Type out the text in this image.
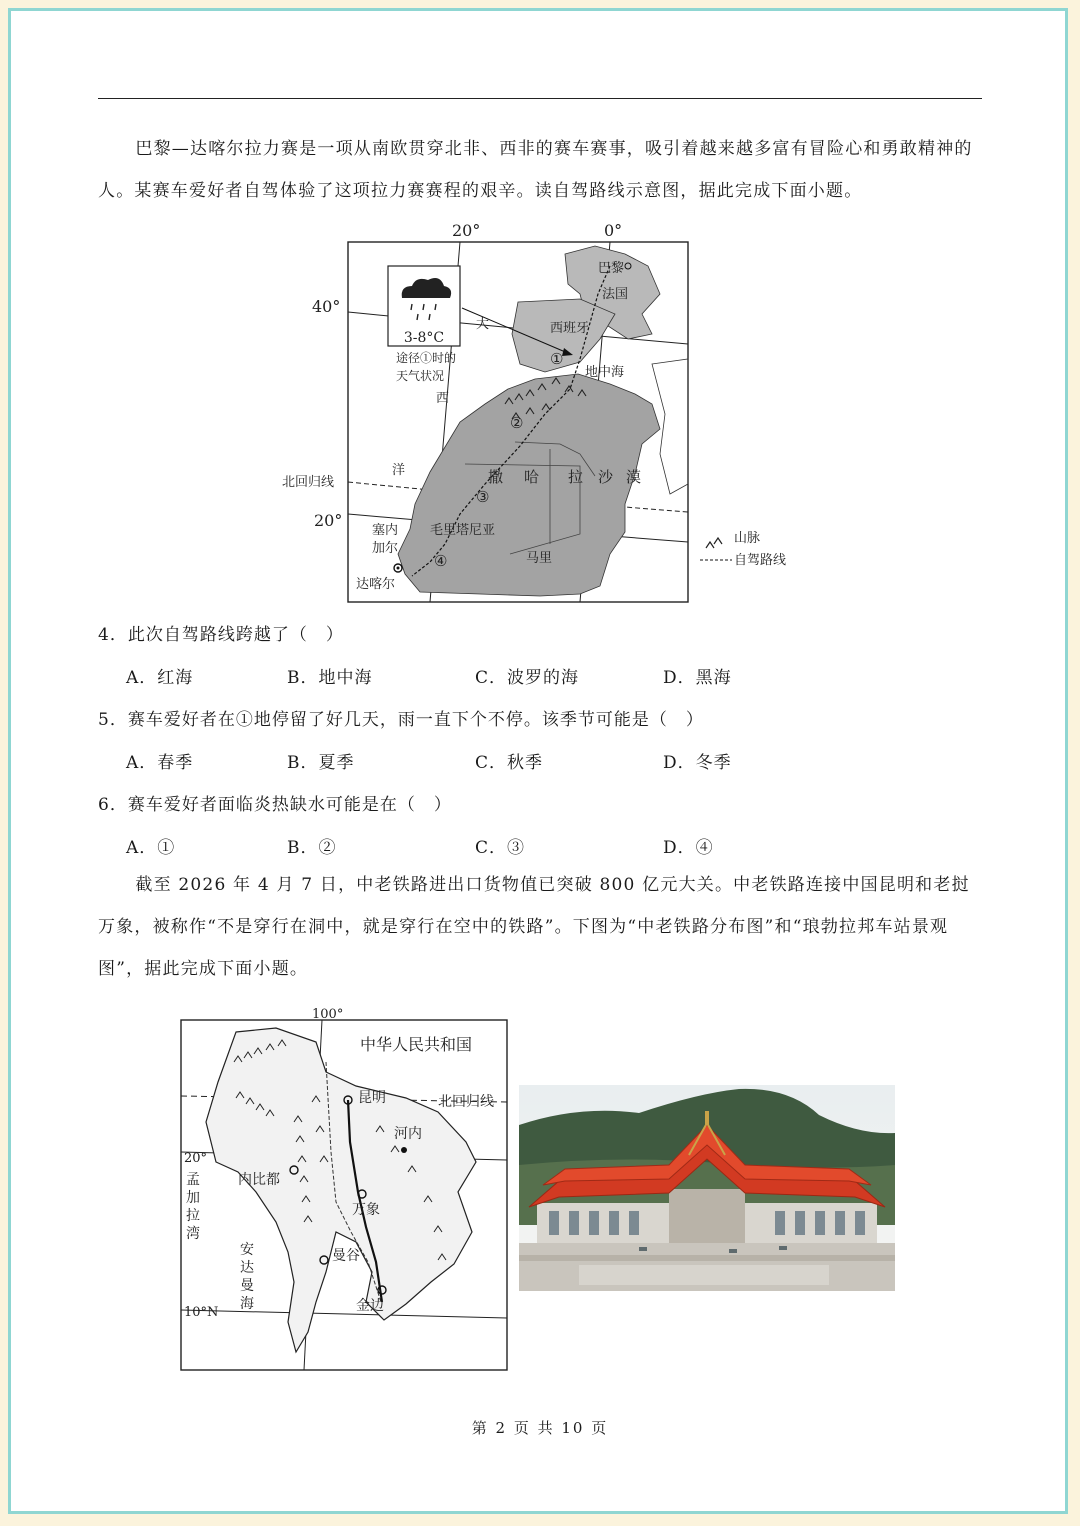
巴黎—达喀尔拉力赛是一项从南欧贯穿北非、西非的赛车赛事，吸引着越来越多富有冒险心和勇敢精神的人。某赛车爱好者自驾体验了这项拉力赛赛程的艰辛。读自驾路线示意图，据此完成下面小题。
20°	0°
40°
20°
3-8°C
途径①时的
天气状况
巴黎
法国
西班牙
地中海
大
西
洋
北回归线	撒 哈 拉 沙 漠
毛里塔尼亚
马里
塞内
加尔
达喀尔
①
②
③
④
山脉
自驾路线
4．此次自驾路线跨越了（　）
A．红海	B．地中海	C．波罗的海	D．黑海
5．赛车爱好者在①地停留了好几天，雨一直下个不停。该季节可能是（　）
A．春季	B．夏季	C．秋季	D．冬季
6．赛车爱好者面临炎热缺水可能是在（　）
A．①	B．②	C．③	D．④
截至 2026 年 4 月 7 日，中老铁路进出口货物值已突破 800 亿元大关。中老铁路连接中国昆明和老挝万象，被称作“不是穿行在洞中，就是穿行在空中的铁路”。下图为“中老铁路分布图”和“琅勃拉邦车站景观图”，据此完成下面小题。
100°
20°
10°N
中华人民共和国
昆明	北回归线
河内
内比都
万象
曼谷
金边
孟
加
拉
湾
安
达
曼
海
第 2 页 共 10 页
